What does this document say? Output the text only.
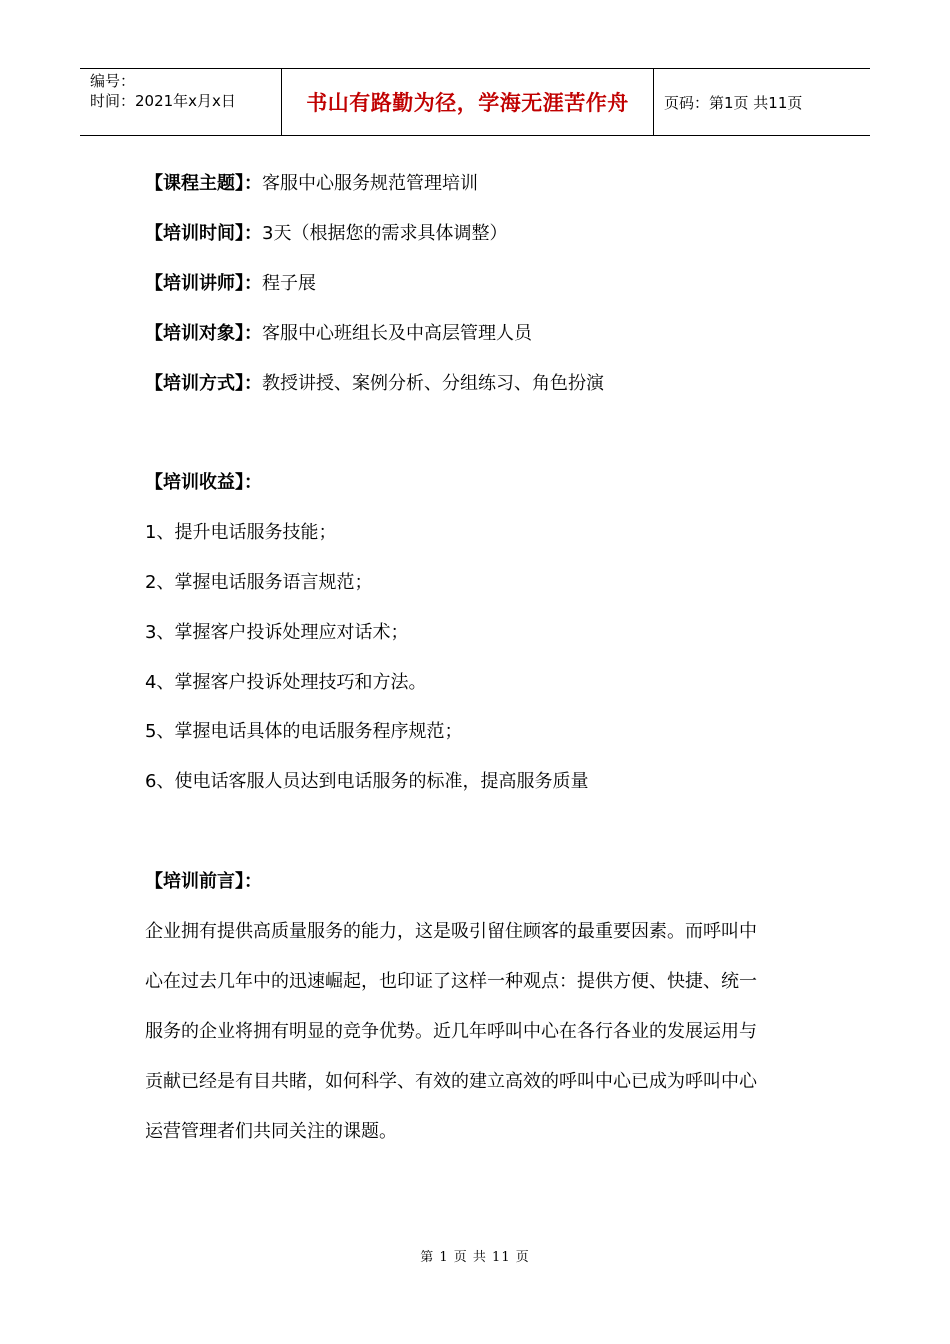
编号：
时间：2021年x月x日	书山有路勤为径，学海无涯苦作舟 页码：第1页 共11页
【课程主题】：客服中心服务规范管理培训
【培训时间】：3天（根据您的需求具体调整）
【培训讲师】：程子展
【培训对象】：客服中心班组长及中高层管理人员
【培训方式】：教授讲授、案例分析、分组练习、角色扮演
【培训收益】：
1、提升电话服务技能；
2、掌握电话服务语言规范；
3、掌握客户投诉处理应对话术；
4、掌握客户投诉处理技巧和方法。
5、掌握电话具体的电话服务程序规范；
6、使电话客服人员达到电话服务的标准，提高服务质量
【培训前言】：
企业拥有提供高质量服务的能力，这是吸引留住顾客的最重要因素。而呼叫中
心在过去几年中的迅速崛起，也印证了这样一种观点：提供方便、快捷、统一
服务的企业将拥有明显的竞争优势。近几年呼叫中心在各行各业的发展运用与
贡献已经是有目共睹，如何科学、有效的建立高效的呼叫中心已成为呼叫中心
运营管理者们共同关注的课题。
第 1 页 共 11 页
